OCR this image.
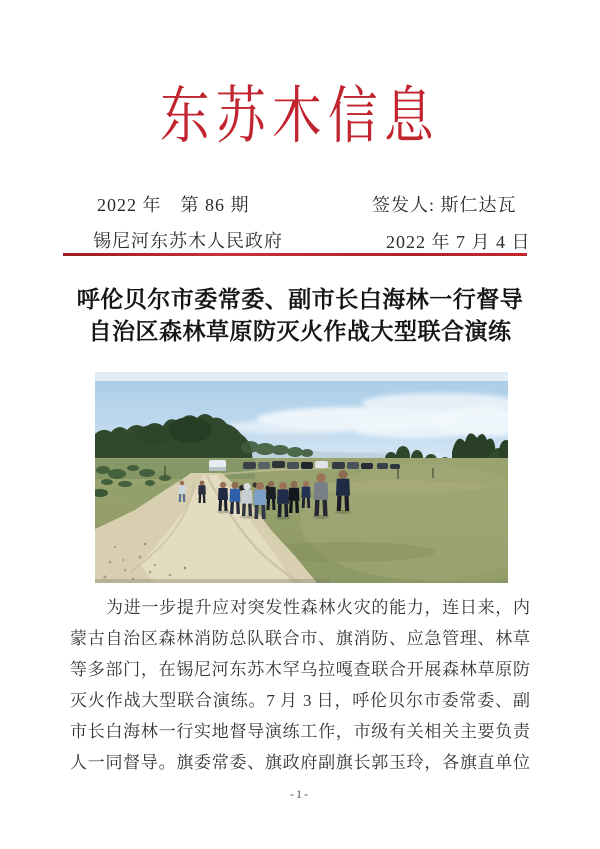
东苏木信息
2022 年　第 86 期
锡尼河东苏木人民政府
签发人: 斯仁达瓦
2022 年 7 月 4 日
呼伦贝尔市委常委、副市长白海林一行督导
自治区森林草原防灭火作战大型联合演练
为进一步提升应对突发性森林火灾的能力，连日来，内
蒙古自治区森林消防总队联合市、旗消防、应急管理、林草
等多部门，在锡尼河东苏木罕乌拉嘎查联合开展森林草原防
灭火作战大型联合演练。7 月 3 日，呼伦贝尔市委常委、副
市长白海林一行实地督导演练工作，市级有关相关主要负责
人一同督导。旗委常委、旗政府副旗长郭玉玲，各旗直单位
-1-
